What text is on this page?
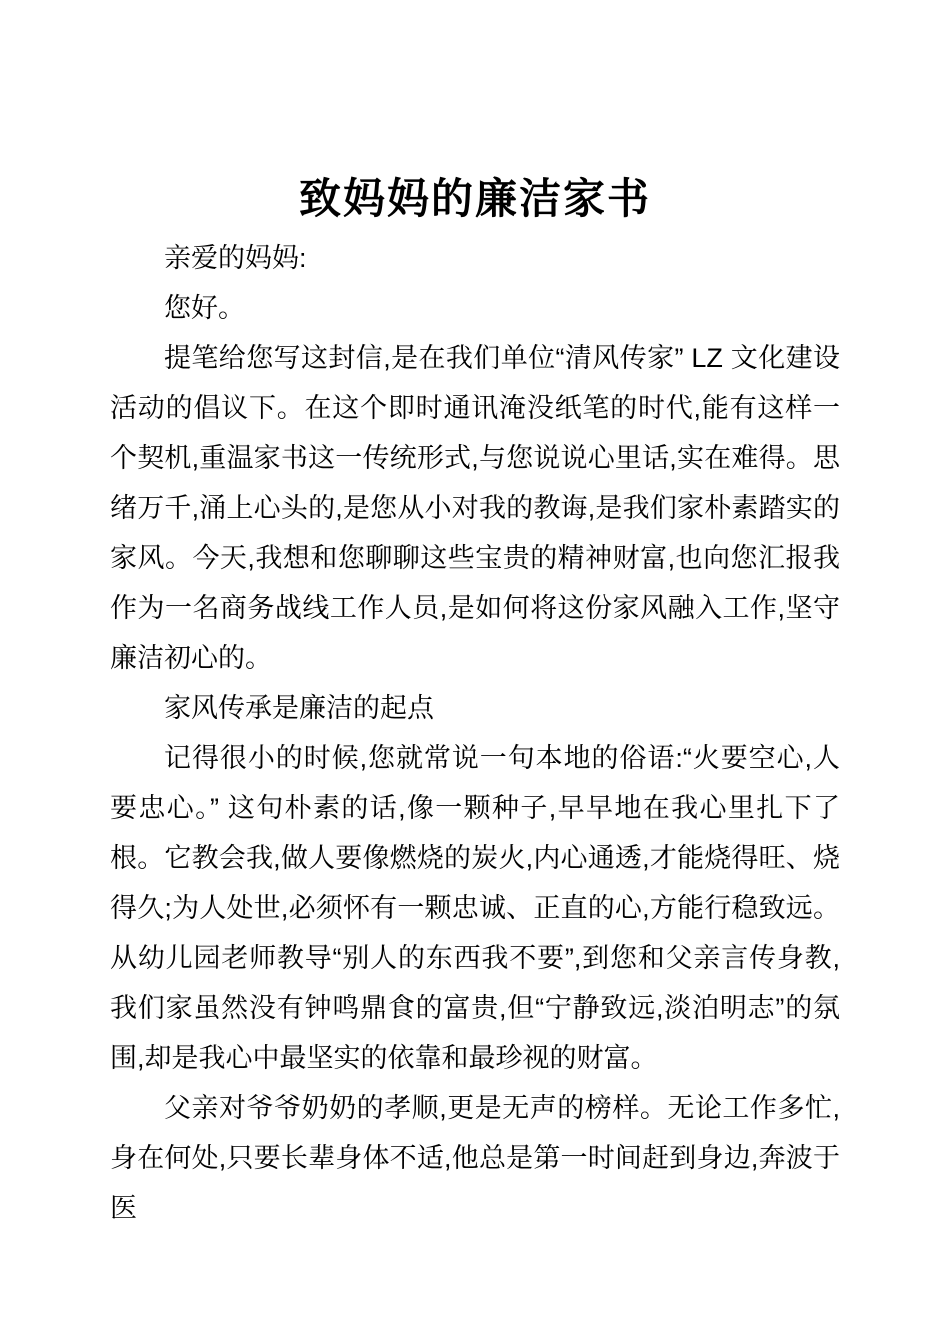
致妈妈的廉洁家书

亲爱的妈妈:

您好。

提笔给您写这封信,是在我们单位“清风传家” LZ 文化建设活动的倡议下。在这个即时通讯淹没纸笔的时代,能有这样一个契机,重温家书这一传统形式,与您说说心里话,实在难得。思绪万千,涌上心头的,是您从小对我的教诲,是我们家朴素踏实的家风。今天,我想和您聊聊这些宝贵的精神财富,也向您汇报我作为一名商务战线工作人员,是如何将这份家风融入工作,坚守廉洁初心的。

家风传承是廉洁的起点

记得很小的时候,您就常说一句本地的俗语:“火要空心,人要忠心。” 这句朴素的话,像一颗种子,早早地在我心里扎下了根。它教会我,做人要像燃烧的炭火,内心通透,才能烧得旺、烧得久;为人处世,必须怀有一颗忠诚、正直的心,方能行稳致远。从幼儿园老师教导“别人的东西我不要”,到您和父亲言传身教,我们家虽然没有钟鸣鼎食的富贵,但“宁静致远,淡泊明志”的氛围,却是我心中最坚实的依靠和最珍视的财富。

父亲对爷爷奶奶的孝顺,更是无声的榜样。无论工作多忙,身在何处,只要长辈身体不适,他总是第一时间赶到身边,奔波于医
